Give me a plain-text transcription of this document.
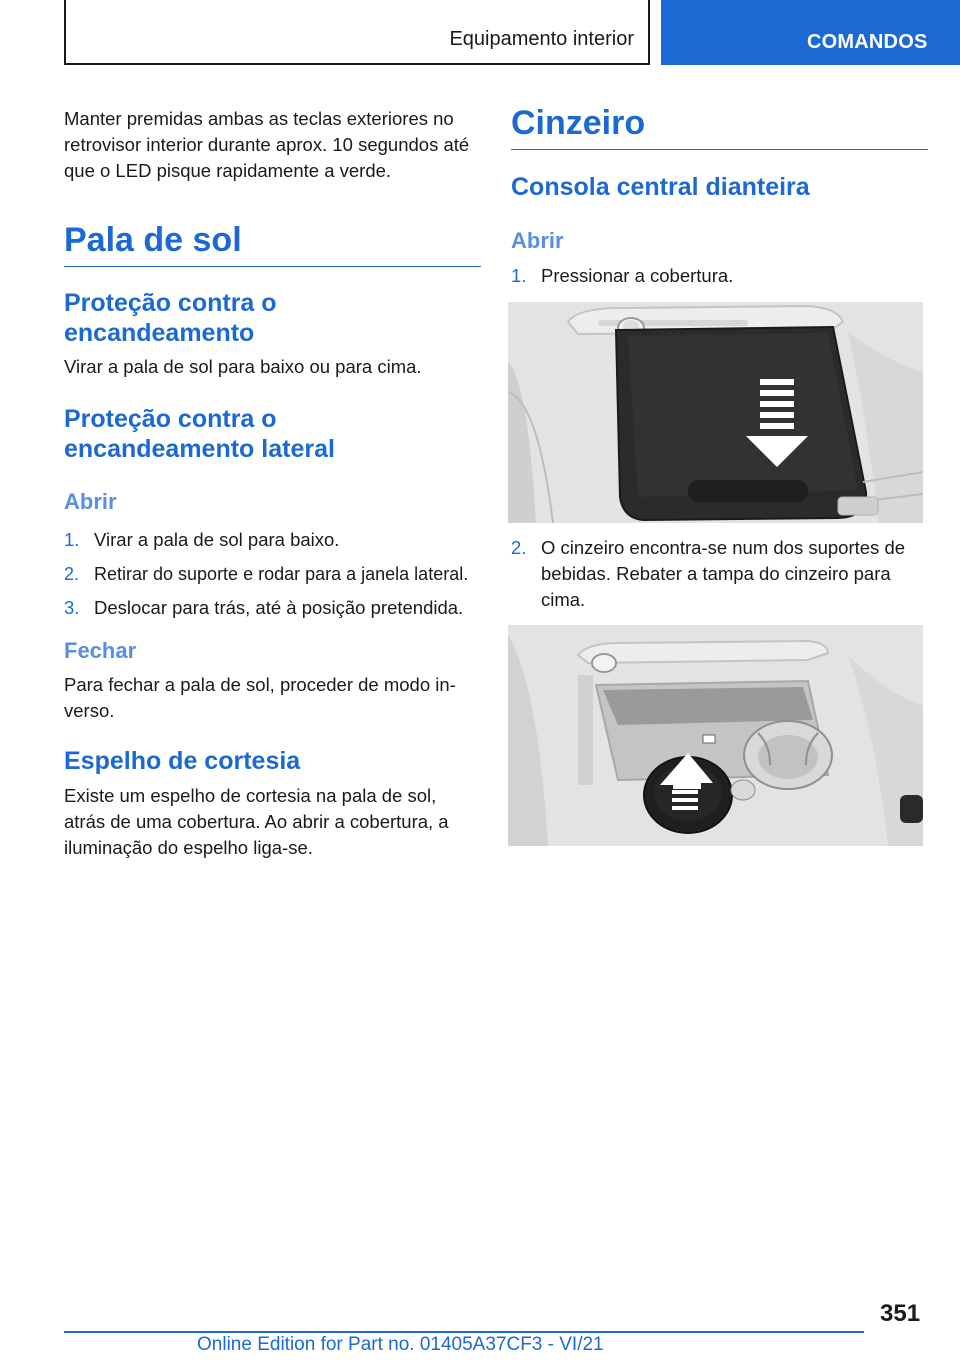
Equipamento interior	COMANDOS

Manter premidas ambas as teclas exteriores no retrovisor interior durante aprox. 10 segundos até que o LED pisque rapidamente a verde.

Pala de sol
Proteção contra o encandeamento

Virar a pala de sol para baixo ou para cima.

Proteção contra o encandeamento lateral
Abrir
1. Virar a pala de sol para baixo.
2. Retirar do suporte e rodar para a janela lateral.
3. Deslocar para trás, até à posição pretendida.
Fechar

Para fechar a pala de sol, proceder de modo in‐ verso.

Espelho de cortesia

Existe um espelho de cortesia na pala de sol, atrás de uma cobertura. Ao abrir a cobertura, a iluminação do espelho liga-se.

Cinzeiro
Consola central dianteira
Abrir
1. Pressionar a cobertura.
2. O cinzeiro encontra-se num dos suportes de bebidas. Rebater a tampa do cinzeiro para cima.
351
Online Edition for Part no. 01405A37CF3 - VI/21
